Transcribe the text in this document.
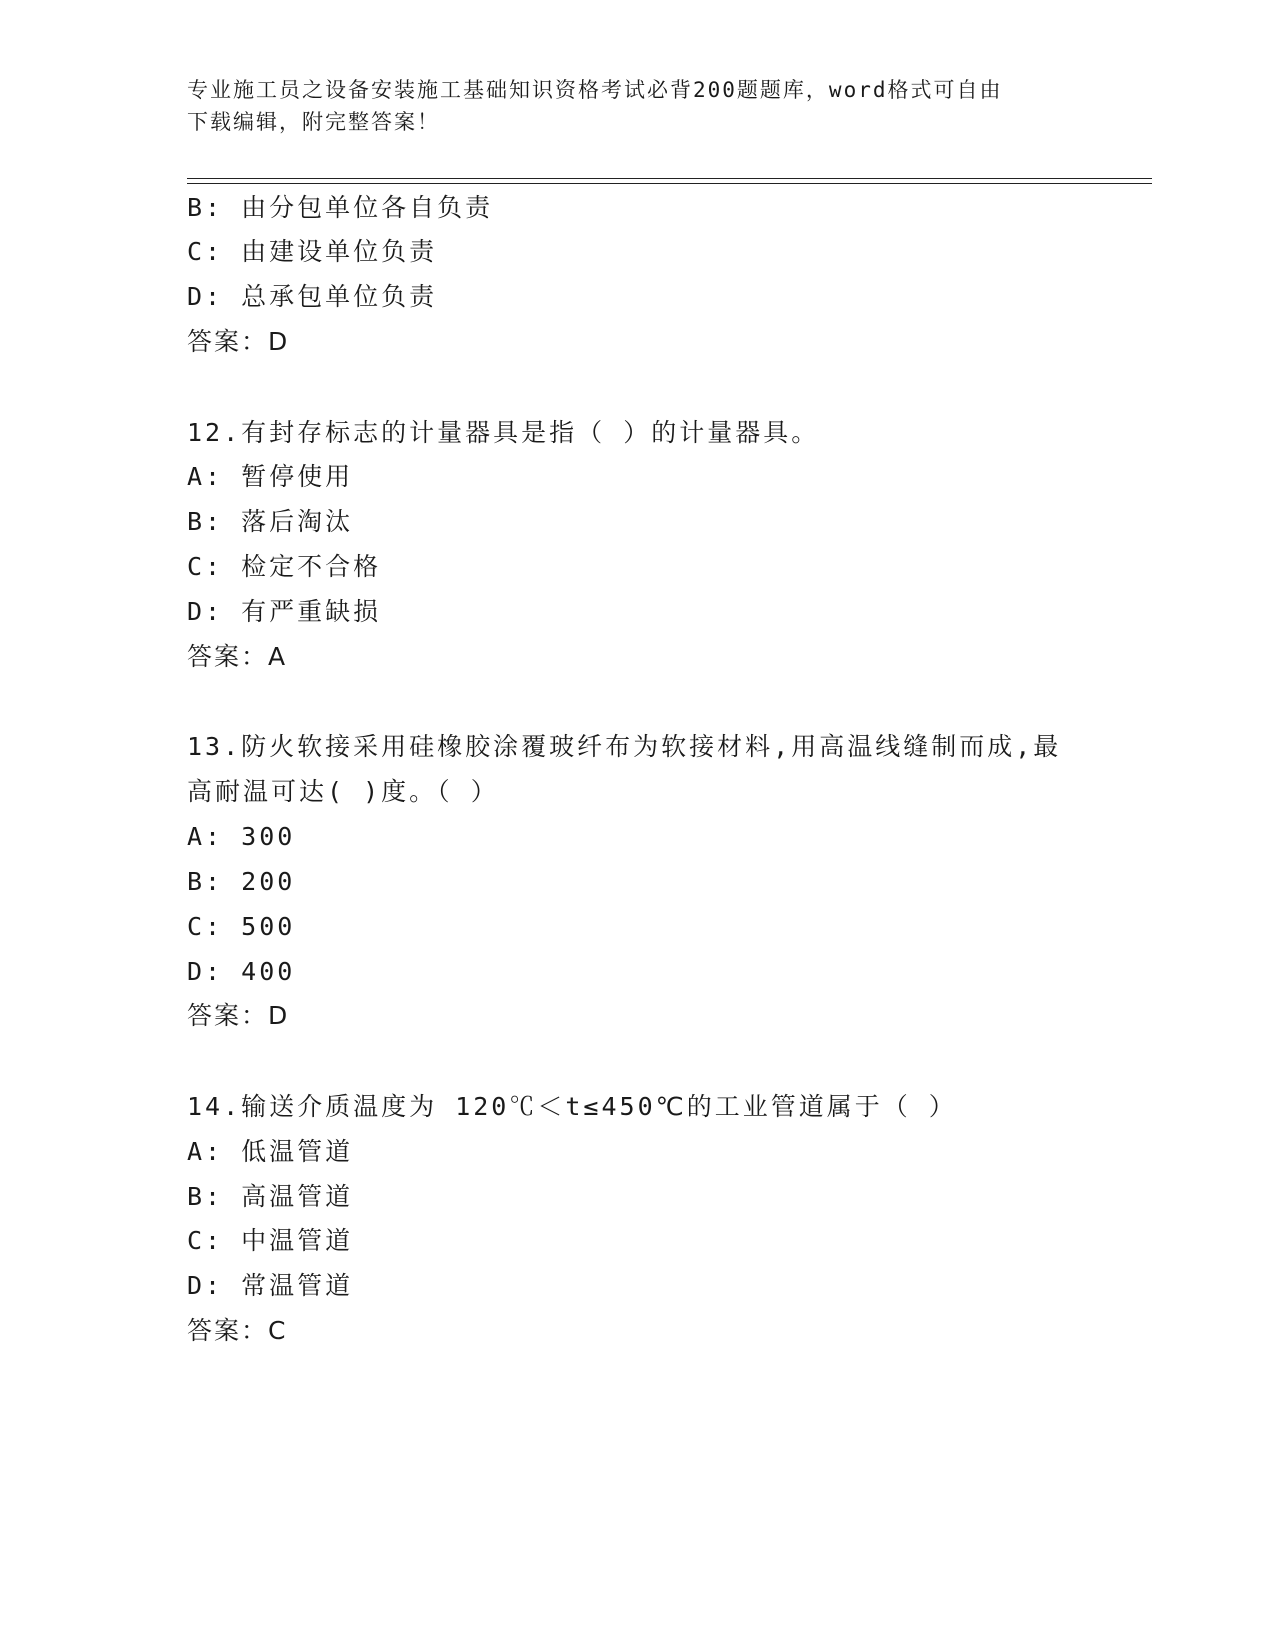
专业施工员之设备安装施工基础知识资格考试必背200题题库，word格式可自由
下载编辑，附完整答案！
B: 由分包单位各自负责
C: 由建设单位负责
D: 总承包单位负责
答案：D
12.有封存标志的计量器具是指（ ）的计量器具。
A: 暂停使用
B: 落后淘汰
C: 检定不合格
D: 有严重缺损
答案：A
13.防火软接采用硅橡胶涂覆玻纤布为软接材料,用高温线缝制而成,最
高耐温可达( )度。（ ）
A: 300
B: 200
C: 500
D: 400
答案：D
14.输送介质温度为 120℃＜t≤450℃的工业管道属于（ ）
A: 低温管道
B: 高温管道
C: 中温管道
D: 常温管道
答案：C
